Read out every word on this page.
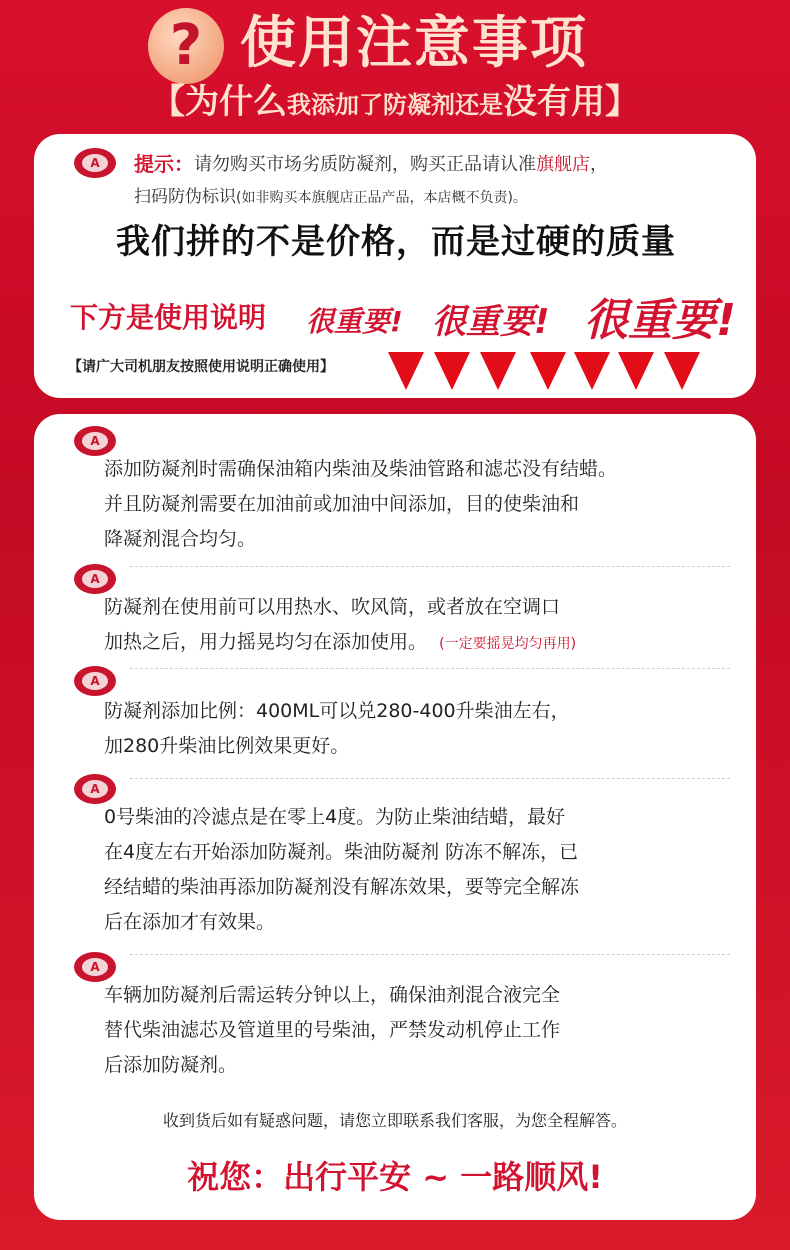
? 使用注意事项
【为什么我添加了防凝剂还是没有用】
A	提示： 请勿购买市场劣质防凝剂，购买正品请认准旗舰店，
扫码防伪标识(如非购买本旗舰店正品产品，本店概不负责)。
我们拼的不是价格，而是过硬的质量
下方是使用说明 很重要! 很重要! 很重要!
【请广大司机朋友按照使用说明正确使用】
A
添加防凝剂时需确保油箱内柴油及柴油管路和滤芯没有结蜡。
并且防凝剂需要在加油前或加油中间添加，目的使柴油和
降凝剂混合均匀。
A
防凝剂在使用前可以用热水、吹风筒，或者放在空调口
加热之后，用力摇晃均匀在添加使用。 (一定要摇晃均匀再用)
A
防凝剂添加比例：400ML可以兑280-400升柴油左右，
加280升柴油比例效果更好。
A
0号柴油的冷滤点是在零上4度。为防止柴油结蜡，最好
在4度左右开始添加防凝剂。柴油防凝剂 防冻不解冻，已
经结蜡的柴油再添加防凝剂没有解冻效果，要等完全解冻
后在添加才有效果。
A
车辆加防凝剂后需运转分钟以上，确保油剂混合液完全
替代柴油滤芯及管道里的号柴油，严禁发动机停止工作
后添加防凝剂。
收到货后如有疑惑问题，请您立即联系我们客服，为您全程解答。
祝您：出行平安 ~ 一路顺风!
